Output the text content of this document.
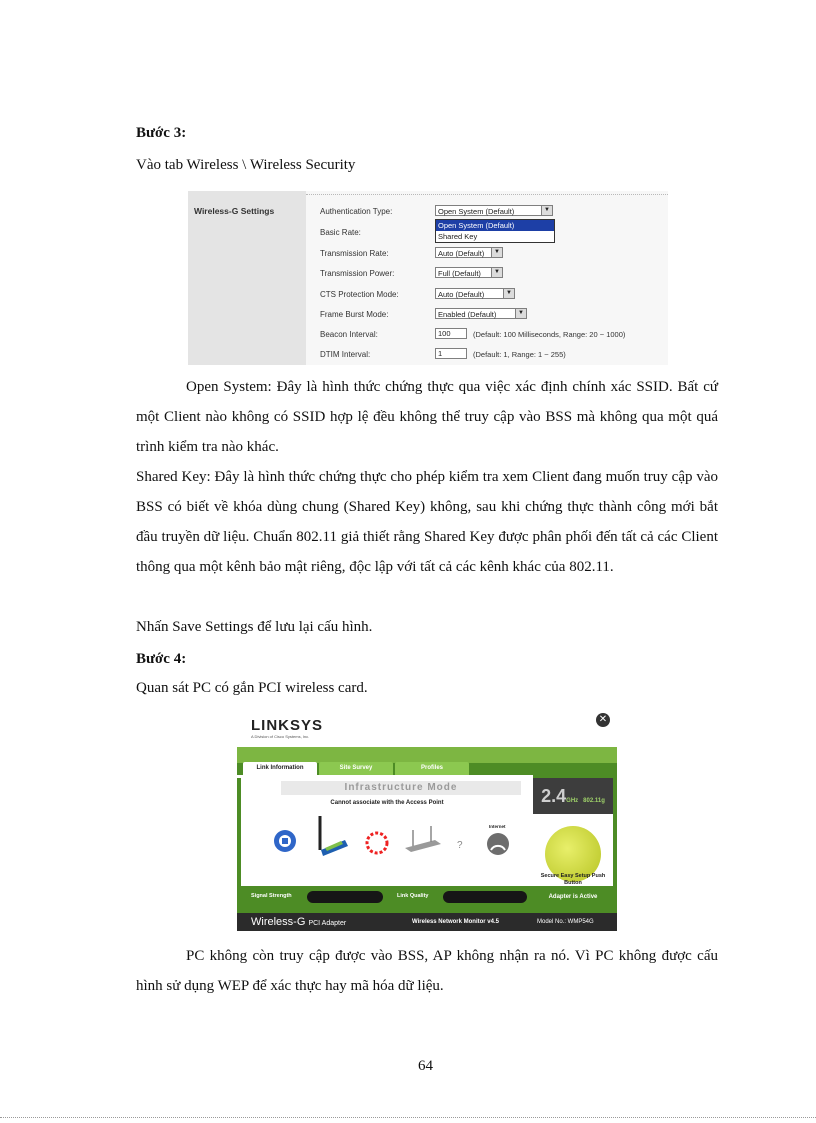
Bước 3:
Vào tab Wireless \ Wireless Security
Wireless-G Settings	Authentication Type:	Open System (Default)	▼
Open System (Default)
Shared Key
Basic Rate:
Transmission Rate:	Auto (Default)	▼
Transmission Power:	Full (Default)	▼
CTS Protection Mode:	Auto (Default)	▼
Frame Burst Mode:	Enabled (Default)	▼
Beacon Interval:	100	(Default: 100 Milliseconds, Range: 20 ~ 1000)
DTIM Interval:	1	(Default: 1, Range: 1 ~ 255)
Open System: Đây là hình thức chứng thực qua việc xác định chính xác SSID. Bất cứ một Client nào không có SSID hợp lệ đều không thể truy cập vào BSS mà không qua một quá trình kiểm tra nào khác.
Shared Key: Đây là hình thức chứng thực cho phép kiểm tra xem Client đang muốn truy cập vào BSS có biết về khóa dùng chung (Shared Key) không, sau khi chứng thực thành công mới bắt đầu truyền dữ liệu. Chuẩn 802.11 giả thiết rằng Shared Key được phân phối đến tất cả các Client thông qua một kênh bảo mật riêng, độc lập với tất cả các kênh khác của 802.11.
Nhấn Save Settings để lưu lại cấu hình.
Bước 4:
Quan sát PC có gắn PCI wireless card.
LINKSYS
A Division of Cisco Systems, Inc.
✕
Link Information	Site Survey	Profiles
Infrastructure Mode
Cannot associate with the Access Point
Internet
?
2.4GHz 802.11g
Secure Easy Setup Push Button
Signal Strength	Link Quality	Adapter is Active
Wireless-G PCI Adapter	Wireless Network Monitor v4.5	Model No.: WMP54G
PC không còn truy cập được vào BSS, AP không nhận ra nó. Vì PC không được cấu hình sử dụng WEP để xác thực hay mã hóa dữ liệu.
64
